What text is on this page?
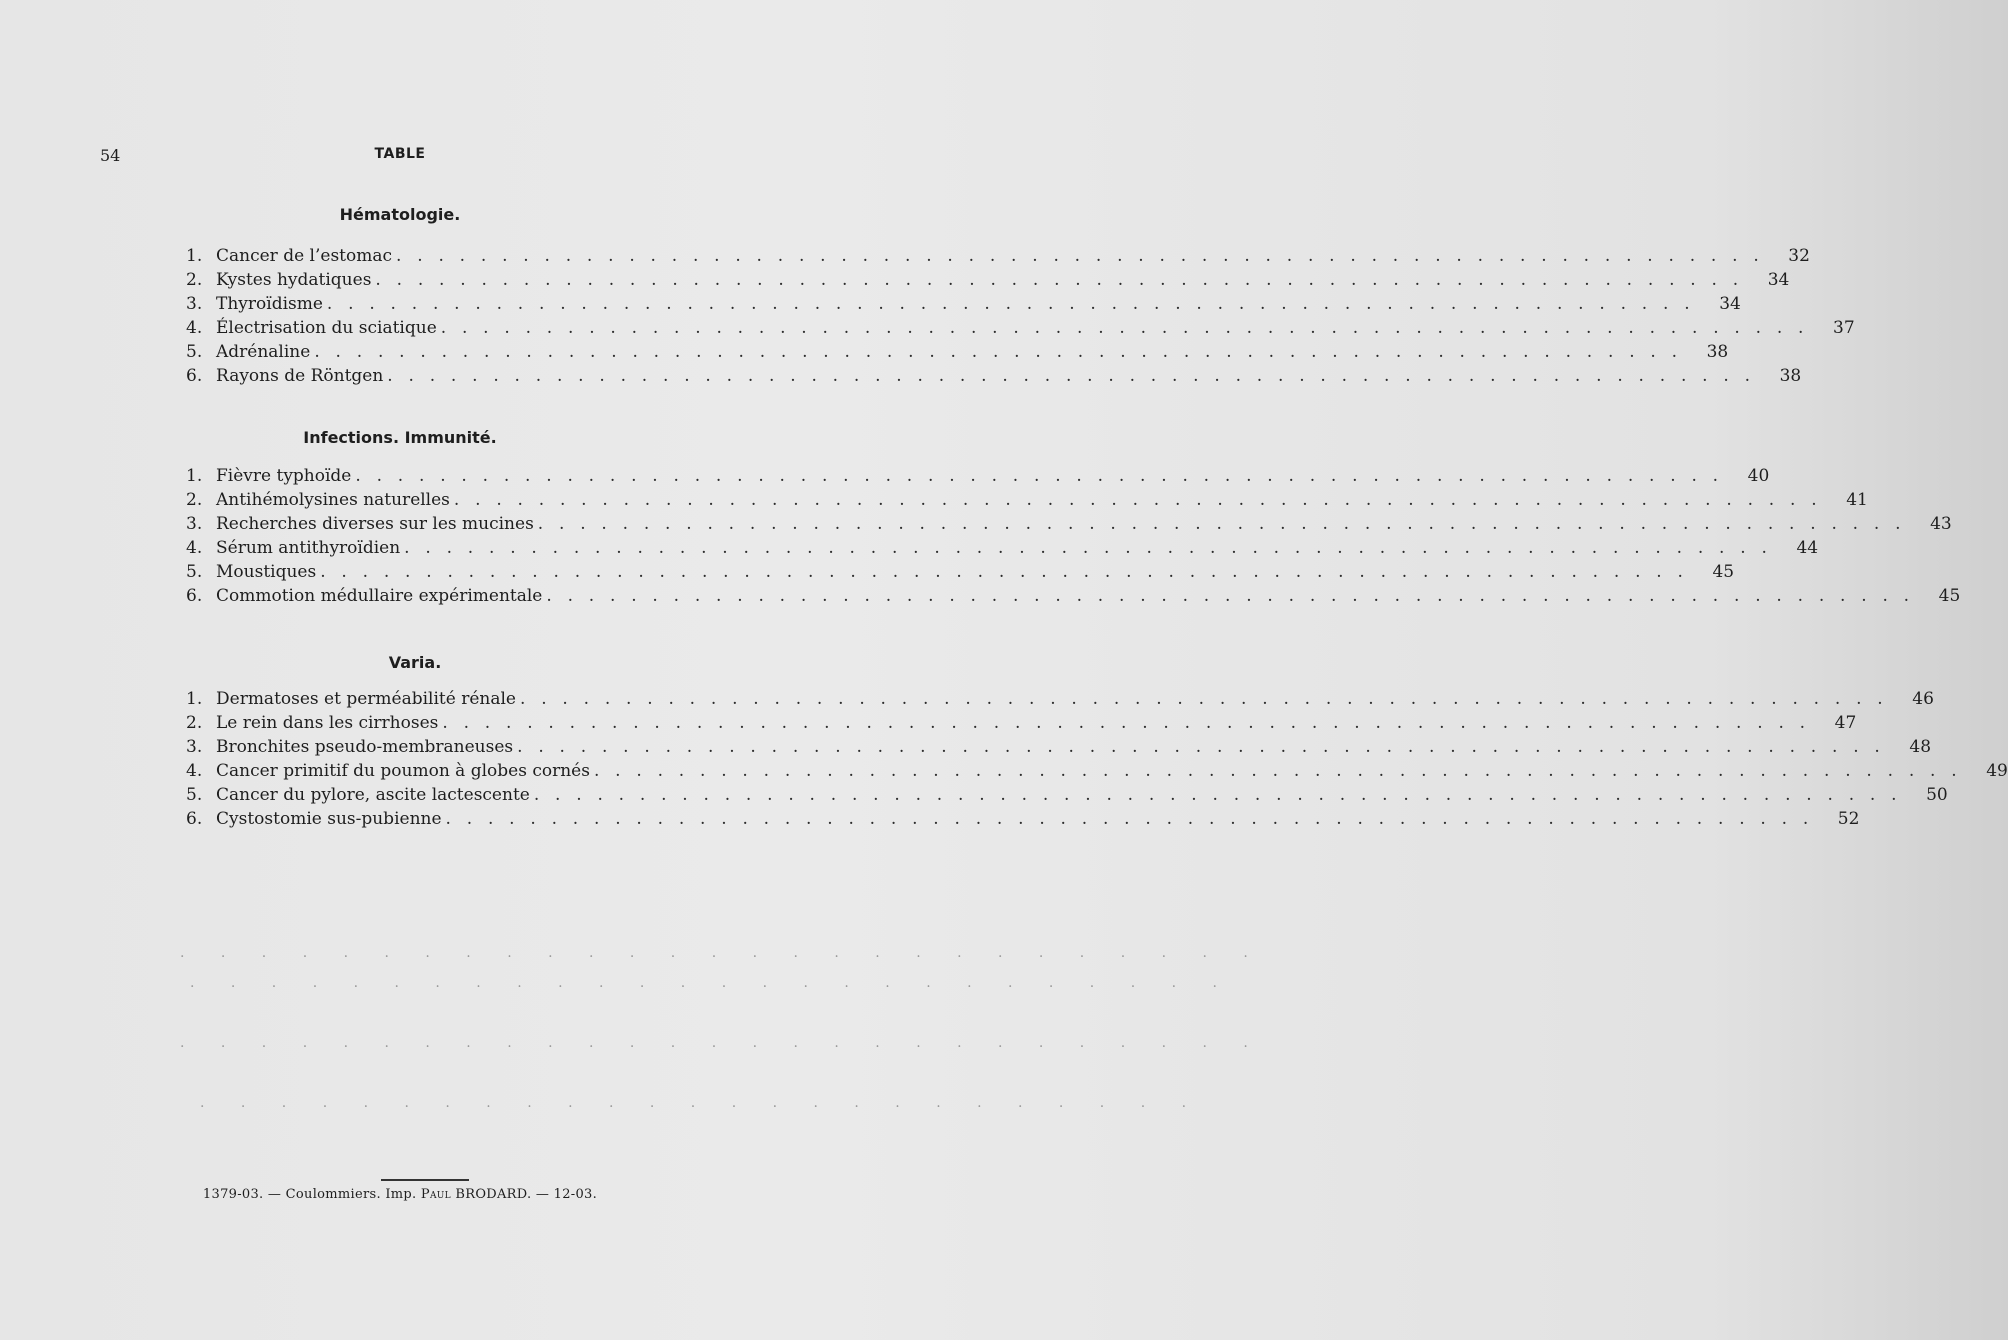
54	TABLE
Hématologie.
1. Cancer de l’estomac . . .	32
2. Kystes hydatiques . . .	34
3. Thyroïdisme . . .	34
4. Électrisation du sciatique . . .	37
5. Adrénaline . . .	38
6. Rayons de Röntgen . . .	38
Infections. Immunité.
1. Fièvre typhoïde . . .	40
2. Antihémolysines naturelles . . .	41
3. Recherches diverses sur les mucines . . .	43
4. Sérum antithyroïdien . . .	44
5. Moustiques . . .	45
6. Commotion médullaire expérimentale . . .	45
Varia.
1. Dermatoses et perméabilité rénale . . .	46
2. Le rein dans les cirrhoses . . .	47
3. Bronchites pseudo-membraneuses . . .	48
4. Cancer primitif du poumon à globes cornés . . .	49
5. Cancer du pylore, ascite lactescente . . .	50
6. Cystostomie sus-pubienne . . .	52
. . . . . . . . . . . . . . . . . . . . . . . . . . .
. . . . . . . . . . . . . . . . . . . . . . . . . .
. . . . . . . . . . . . . . . . . . . . . . . . . . .
. . . . . . . . . . . . . . . . . . . . . . . . .
1379-03. — Coulommiers. Imp. Paul BRODARD. — 12-03.
